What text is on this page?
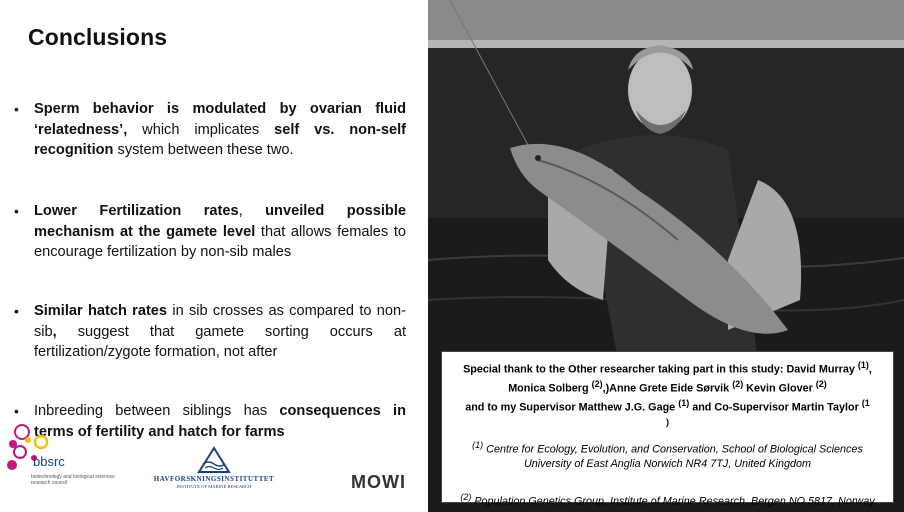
Conclusions
•	Sperm behavior is modulated by ovarian fluid ‘relatedness’, which implicates self vs. non-self recognition system between these two.
•	Lower Fertilization rates, unveiled possible mechanism at the gamete level that allows females to encourage fertilization by non-sib males
•	Similar hatch rates in sib crosses as compared to non-sib, suggest that gamete sorting occurs at fertilization/zygote formation, not after
•	Inbreeding between siblings has consequences in terms of fertility and hatch for farms
bbsrc
biotechnology and biological sciences
research council	HAVFORSKNINGSINSTITUTTET
INSTITUTE OF MARINE RESEARCH	MOWI
Special thank to the Other researcher taking part in this study: David Murray $^{(1)}$,
Monica Solberg $^{(2)}$,)Anne Grete Eide Sørvik $^{(2)}$ Kevin Glover $^{(2)}$
and to my Supervisor Matthew J.G. Gage $^{(1)}$ and Co-Supervisor Martin Taylor $^{(1}$
)
$^{(1)}$ Centre for Ecology, Evolution, and Conservation, School of Biological Sciences University of East Anglia Norwich NR4 7TJ, United Kingdom
$^{(2)}$ Population Genetics Group, Institute of Marine Research, Bergen NO 5817, Norway
